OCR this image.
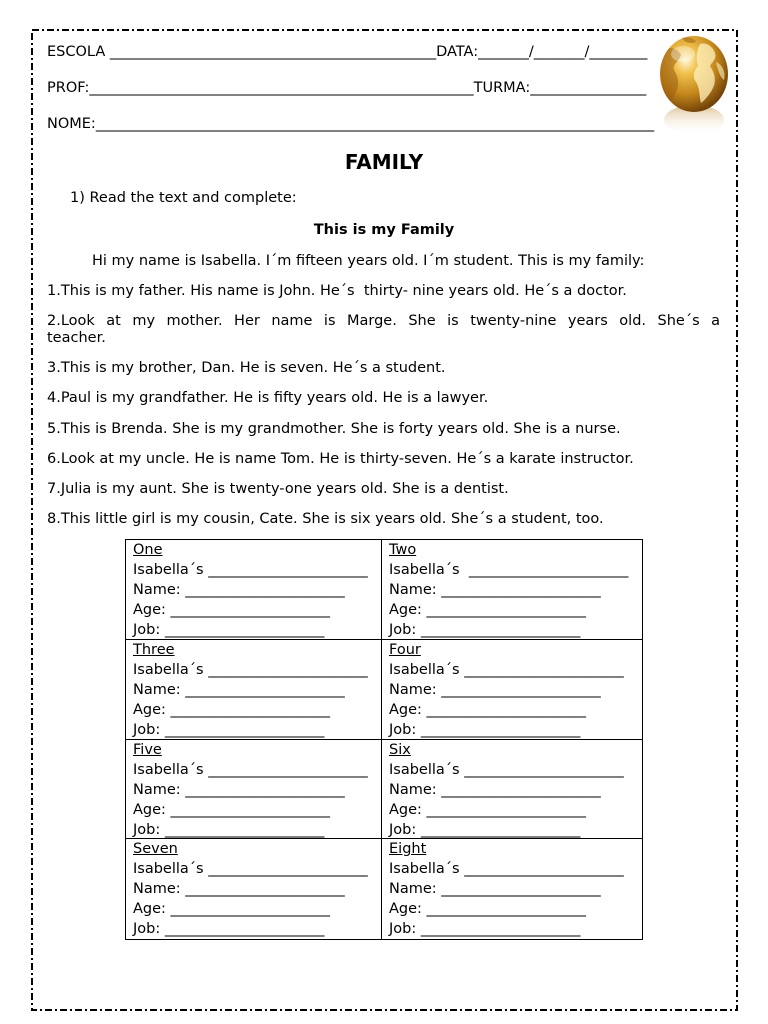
ESCOLA _____________________________________________DATA:_______/_______/________
PROF:_____________________________________________________TURMA:________________
NOME:_____________________________________________________________________________
FAMILY
1) Read the text and complete:
This is my Family
Hi my name is Isabella. I´m fifteen years old. I´m student. This is my family:
1.This is my father. His name is John. He´s  thirty- nine years old. He´s a doctor.
2.Look at my mother. Her name is Marge. She is twenty-nine years old. She´s a
teacher.
3.This is my brother, Dan. He is seven. He´s a student.
4.Paul is my grandfather. He is fifty years old. He is a lawyer.
5.This is Brenda. She is my grandmother. She is forty years old. She is a nurse.
6.Look at my uncle. He is name Tom. He is thirty-seven. He´s a karate instructor.
7.Julia is my aunt. She is twenty-one years old. She is a dentist.
8.This little girl is my cousin, Cate. She is six years old. She´s a student, too.
One
Isabella´s ______________________
Name: ______________________
Age: ______________________
Job: ______________________
Two
Isabella´s ______________________
Name: ______________________
Age: ______________________
Job: ______________________
Three
Isabella´s ______________________
Name: ______________________
Age: ______________________
Job: ______________________
Four
Isabella´s ______________________
Name: ______________________
Age: ______________________
Job: ______________________
Five
Isabella´s ______________________
Name: ______________________
Age: ______________________
Job: ______________________
Six
Isabella´s ______________________
Name: ______________________
Age: ______________________
Job: ______________________
Seven
Isabella´s ______________________
Name: ______________________
Age: ______________________
Job: ______________________
Eight
Isabella´s ______________________
Name: ______________________
Age: ______________________
Job: ______________________
